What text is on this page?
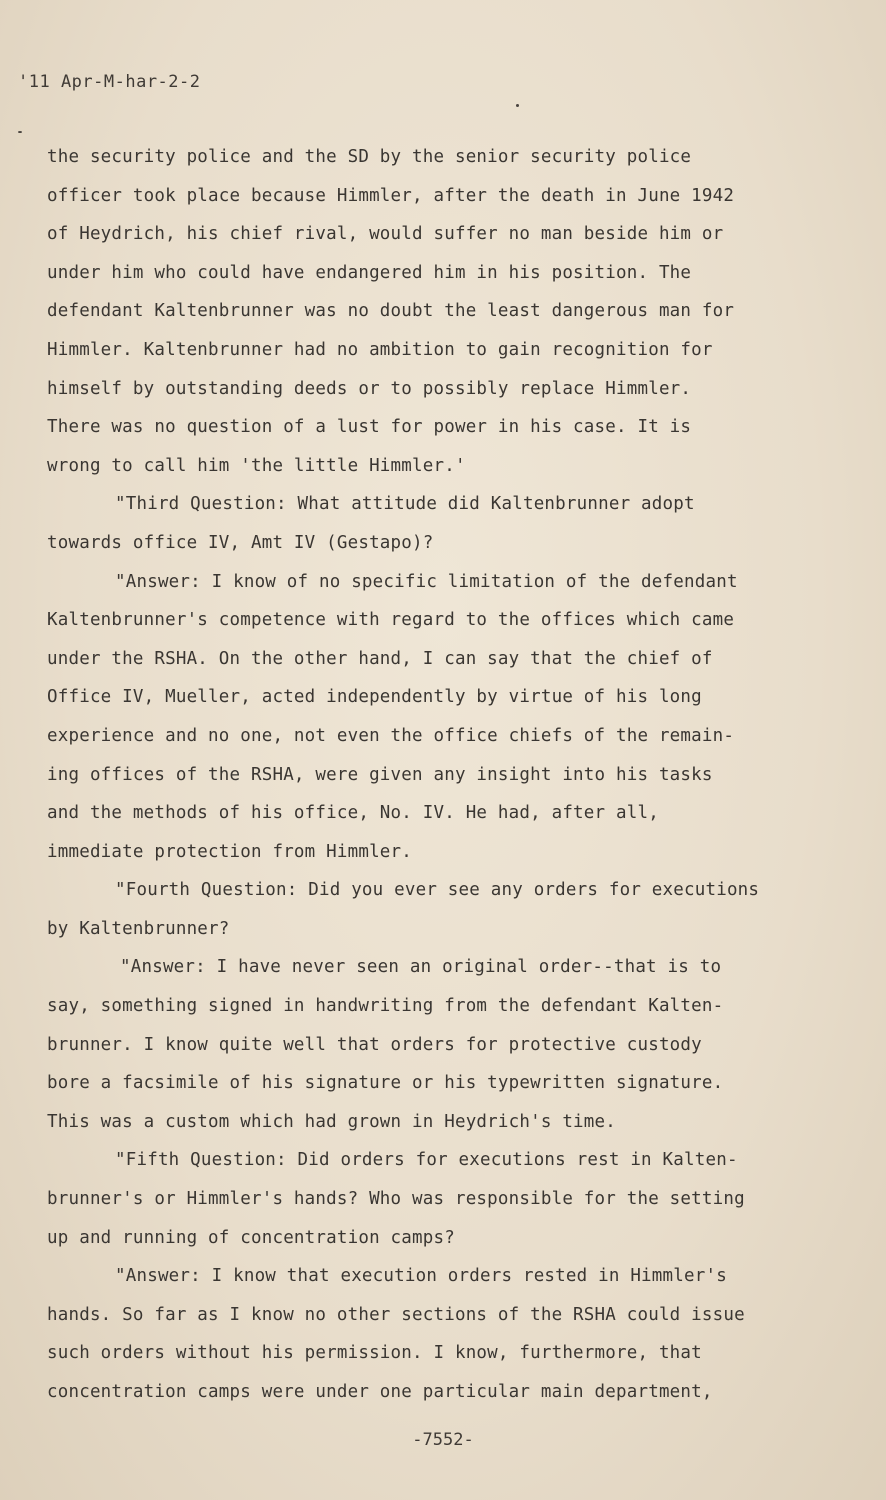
'11 Apr-M-har-2-2
the security police and the SD by the senior security police
officer took place because Himmler, after the death in June 1942
of Heydrich, his chief rival, would suffer no man beside him or
under him who could have endangered him in his position. The
defendant Kaltenbrunner was no doubt the least dangerous man for
Himmler. Kaltenbrunner had no ambition to gain recognition for
himself by outstanding deeds or to possibly replace Himmler.
There was no question of a lust for power in his case. It is
wrong to call him 'the little Himmler.'
"Third Question: What attitude did Kaltenbrunner adopt
towards office IV, Amt IV (Gestapo)?
"Answer: I know of no specific limitation of the defendant
Kaltenbrunner's competence with regard to the offices which came
under the RSHA. On the other hand, I can say that the chief of
Office IV, Mueller, acted independently by virtue of his long
experience and no one, not even the office chiefs of the remain-
ing offices of the RSHA, were given any insight into his tasks
and the methods of his office, No. IV. He had, after all,
immediate protection from Himmler.
"Fourth Question: Did you ever see any orders for executions
by Kaltenbrunner?
"Answer: I have never seen an original order--that is to
say, something signed in handwriting from the defendant Kalten-
brunner. I know quite well that orders for protective custody
bore a facsimile of his signature or his typewritten signature.
This was a custom which had grown in Heydrich's time.
"Fifth Question: Did orders for executions rest in Kalten-
brunner's or Himmler's hands? Who was responsible for the setting
up and running of concentration camps?
"Answer: I know that execution orders rested in Himmler's
hands. So far as I know no other sections of the RSHA could issue
such orders without his permission. I know, furthermore, that
concentration camps were under one particular main department,
-7552-
